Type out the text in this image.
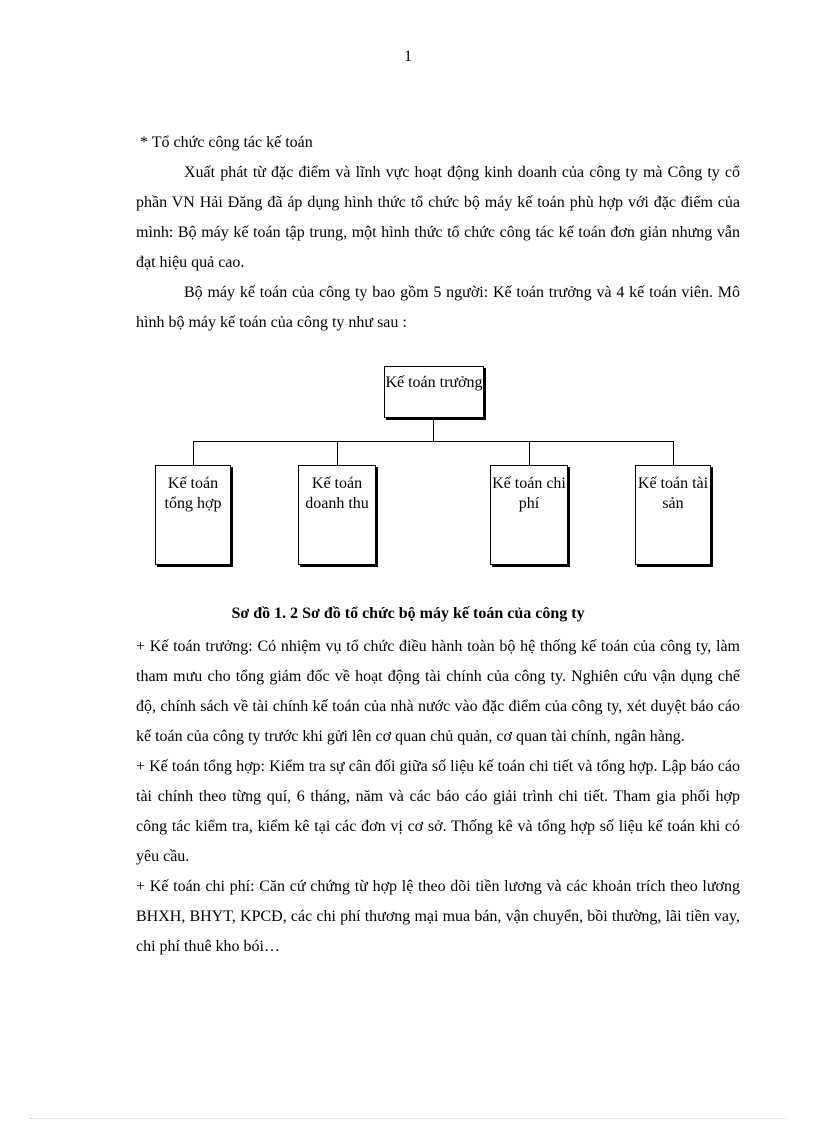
1
* Tổ chức công tác kế toán

Xuất phát từ đặc điểm và lĩnh vực hoạt động kinh doanh của công ty mà Công ty cổ phần VN Hải Đăng đã áp dụng hình thức tổ chức bộ máy kế toán phù hợp với đặc điểm của mình: Bộ máy kế toán tập trung, một hình thức tổ chức công tác kế toán đơn giản nhưng vẫn đạt hiệu quả cao.

Bộ máy kế toán của công ty bao gồm 5 người: Kế toán trưởng và 4 kế toán viên. Mô hình bộ máy kế toán của công ty như sau :

Kế toán trưởng
Kế toán tổng hợp
Kế toán doanh thu
Kế toán chi phí
Kế toán tài sản
Sơ đồ 1. 2 Sơ đồ tổ chức bộ máy kế toán của công ty

+ Kế toán trưởng: Có nhiệm vụ tổ chức điều hành toàn bộ hệ thống kế toán của công ty, làm tham mưu cho tổng giám đốc về hoạt động tài chính của công ty. Nghiên cứu vận dụng chế độ, chính sách về tài chính kế toán của nhà nước vào đặc điểm của công ty, xét duyệt báo cáo kế toán của công ty trước khi gửi lên cơ quan chủ quản, cơ quan tài chính, ngân hàng.

+ Kế toán tổng hợp: Kiểm tra sự cân đối giữa số liệu kế toán chi tiết và tổng hợp. Lập báo cáo tài chính theo từng quí, 6 tháng, năm và các báo cáo giải trình chi tiết. Tham gia phối hợp công tác kiểm tra, kiểm kê tại các đơn vị cơ sở. Thống kê và tổng hợp số liệu kế toán khi có yêu cầu.

+ Kế toán chi phí: Căn cứ chứng từ hợp lệ theo dõi tiền lương và các khoản trích theo lương BHXH, BHYT, KPCĐ, các chi phí thương mại mua bán, vận chuyển, bồi thường, lãi tiền vay, chi phí thuê kho bói…
